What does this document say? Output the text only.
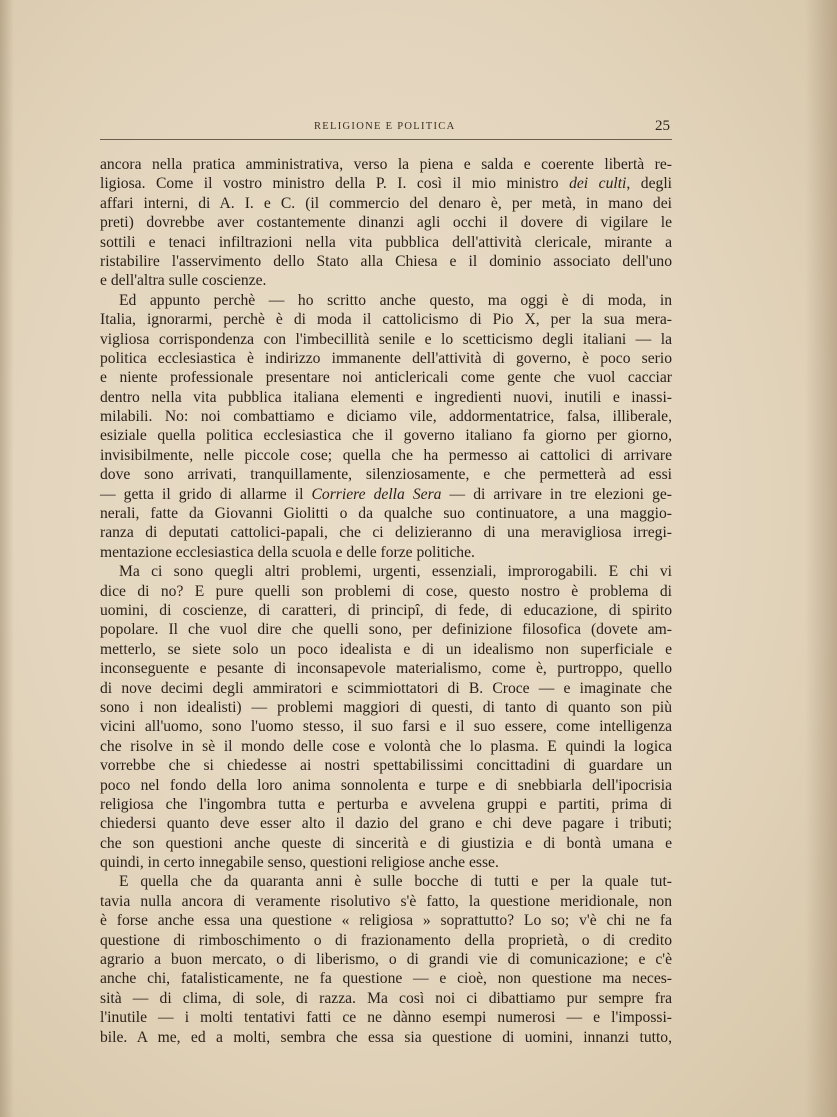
RELIGIONE E POLITICA	25
ancora nella pratica amministrativa, verso la piena e salda e coerente libertà re-
ligiosa. Come il vostro ministro della P. I. così il mio ministro dei culti, degli
affari interni, di A. I. e C. (il commercio del denaro è, per metà, in mano dei
preti) dovrebbe aver costantemente dinanzi agli occhi il dovere di vigilare le
sottili e tenaci infiltrazioni nella vita pubblica dell'attività clericale, mirante a
ristabilire l'asservimento dello Stato alla Chiesa e il dominio associato dell'uno
e dell'altra sulle coscienze.
Ed appunto perchè — ho scritto anche questo, ma oggi è di moda, in
Italia, ignorarmi, perchè è di moda il cattolicismo di Pio X, per la sua mera-
vigliosa corrispondenza con l'imbecillità senile e lo scetticismo degli italiani — la
politica ecclesiastica è indirizzo immanente dell'attività di governo, è poco serio
e niente professionale presentare noi anticlericali come gente che vuol cacciar
dentro nella vita pubblica italiana elementi e ingredienti nuovi, inutili e inassi-
milabili. No: noi combattiamo e diciamo vile, addormentatrice, falsa, illiberale,
esiziale quella politica ecclesiastica che il governo italiano fa giorno per giorno,
invisibilmente, nelle piccole cose; quella che ha permesso ai cattolici di arrivare
dove sono arrivati, tranquillamente, silenziosamente, e che permetterà ad essi
— getta il grido di allarme il Corriere della Sera — di arrivare in tre elezioni ge-
nerali, fatte da Giovanni Giolitti o da qualche suo continuatore, a una maggio-
ranza di deputati cattolici-papali, che ci delizieranno di una meravigliosa irregi-
mentazione ecclesiastica della scuola e delle forze politiche.
Ma ci sono quegli altri problemi, urgenti, essenziali, improrogabili. E chi vi
dice di no? E pure quelli son problemi di cose, questo nostro è problema di
uomini, di coscienze, di caratteri, di principî, di fede, di educazione, di spirito
popolare. Il che vuol dire che quelli sono, per definizione filosofica (dovete am-
metterlo, se siete solo un poco idealista e di un idealismo non superficiale e
inconseguente e pesante di inconsapevole materialismo, come è, purtroppo, quello
di nove decimi degli ammiratori e scimmiottatori di B. Croce — e imaginate che
sono i non idealisti) — problemi maggiori di questi, di tanto di quanto son più
vicini all'uomo, sono l'uomo stesso, il suo farsi e il suo essere, come intelligenza
che risolve in sè il mondo delle cose e volontà che lo plasma. E quindi la logica
vorrebbe che si chiedesse ai nostri spettabilissimi concittadini di guardare un
poco nel fondo della loro anima sonnolenta e turpe e di snebbiarla dell'ipocrisia
religiosa che l'ingombra tutta e perturba e avvelena gruppi e partiti, prima di
chiedersi quanto deve esser alto il dazio del grano e chi deve pagare i tributi;
che son questioni anche queste di sincerità e di giustizia e di bontà umana e
quindi, in certo innegabile senso, questioni religiose anche esse.
E quella che da quaranta anni è sulle bocche di tutti e per la quale tut-
tavia nulla ancora di veramente risolutivo s'è fatto, la questione meridionale, non
è forse anche essa una questione « religiosa » soprattutto? Lo so; v'è chi ne fa
questione di rimboschimento o di frazionamento della proprietà, o di credito
agrario a buon mercato, o di liberismo, o di grandi vie di comunicazione; e c'è
anche chi, fatalisticamente, ne fa questione — e cioè, non questione ma neces-
sità — di clima, di sole, di razza. Ma così noi ci dibattiamo pur sempre fra
l'inutile — i molti tentativi fatti ce ne dànno esempi numerosi — e l'impossi-
bile. A me, ed a molti, sembra che essa sia questione di uomini, innanzi tutto,
